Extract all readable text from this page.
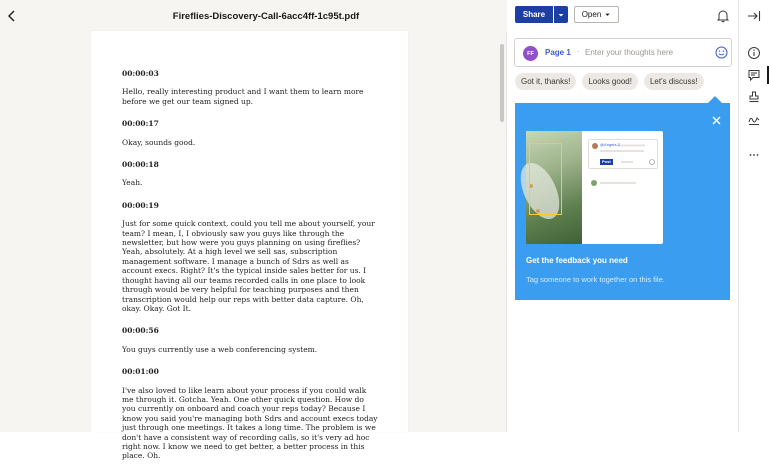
Fireflies-Discovery-Call-6acc4ff-1c95t.pdf
00:00:03
Hello, really interesting product and I want them to learn more before we get our team signed up.
00:00:17
Okay, sounds good.
00:00:18
Yeah.
00:00:19
Just for some quick context, could you tell me about yourself, your team? I mean, I, I obviously saw you guys like through the newsletter, but how were you guys planning on using fireflies? Yeah, absolutely. At a high level we sell sas, subscription management software. I manage a bunch of Sdrs as well as account execs. Right? It's the typical inside sales better for us. I thought having all our teams recorded calls in one place to look through would be very helpful for teaching purposes and then transcription would help our reps with better data capture. Oh, okay. Okay. Got It.
00:00:56
You guys currently use a web conferencing system.
00:01:00
I've also loved to like learn about your process if you could walk me through it. Gotcha. Yeah. One other quick question. How do you currently on onboard and coach your reps today? Because I know you said you're managing both Sdrs and account execs today just through one meetings. It takes a long time. The problem is we don't have a consistent way of recording calls, so it's very ad hoc right now. I know we need to get better, a better process in this place. Oh.
Share	Open
FF	Page 1 ·
Enter your thoughts here
Got it, thanks!	Looks good!	Let's discuss!
@Angela Z
Post
Get the feedback you need
Tag someone to work together on this file.
